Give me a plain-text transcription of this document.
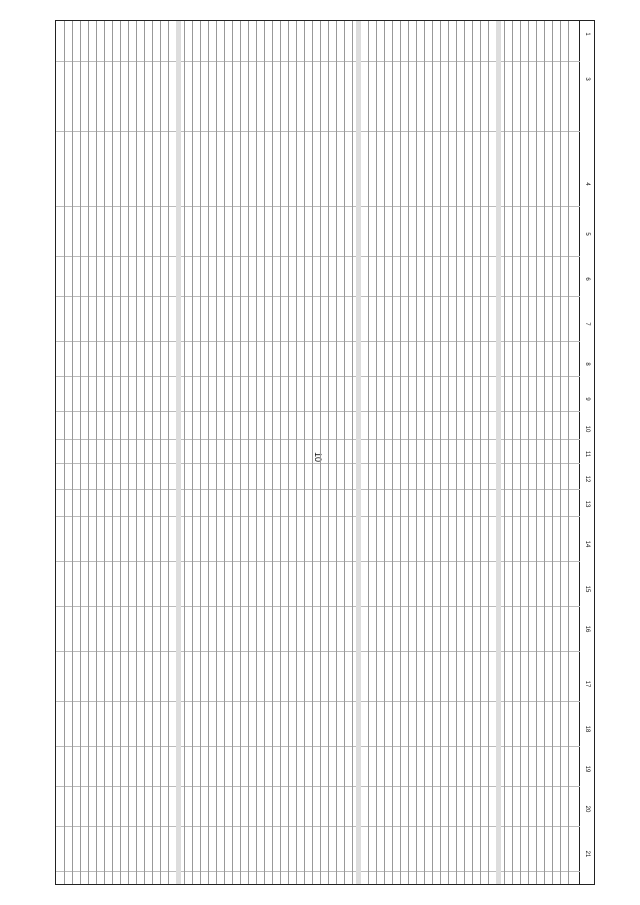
10
1
3
4
5
6
7
8
9
10
11
12
13
14
15
16
17
18
19
20
21
